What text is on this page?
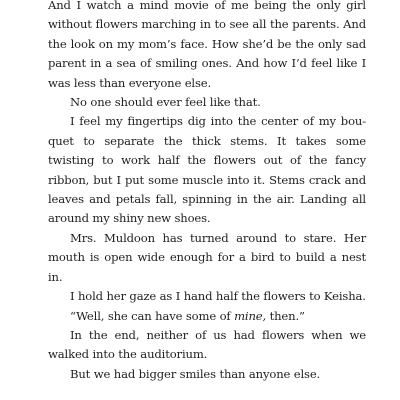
And I watch a mind movie of me being the only girl without flowers marching in to see all the parents. And the look on my mom’s face. How she’d be the only sad parent in a sea of smiling ones. And how I’d feel like I was less than everyone else.

No one should ever feel like that.

I feel my fingertips dig into the center of my bou-quet to separate the thick stems. It takes some twisting to work half the flowers out of the fancy ribbon, but I put some muscle into it. Stems crack and leaves and petals fall, spinning in the air. Landing all around my shiny new shoes.

Mrs. Muldoon has turned around to stare. Her mouth is open wide enough for a bird to build a nest in.

I hold her gaze as I hand half the flowers to Keisha.

“Well, she can have some of mine, then.”

In the end, neither of us had flowers when we walked into the auditorium.

But we had bigger smiles than anyone else.
